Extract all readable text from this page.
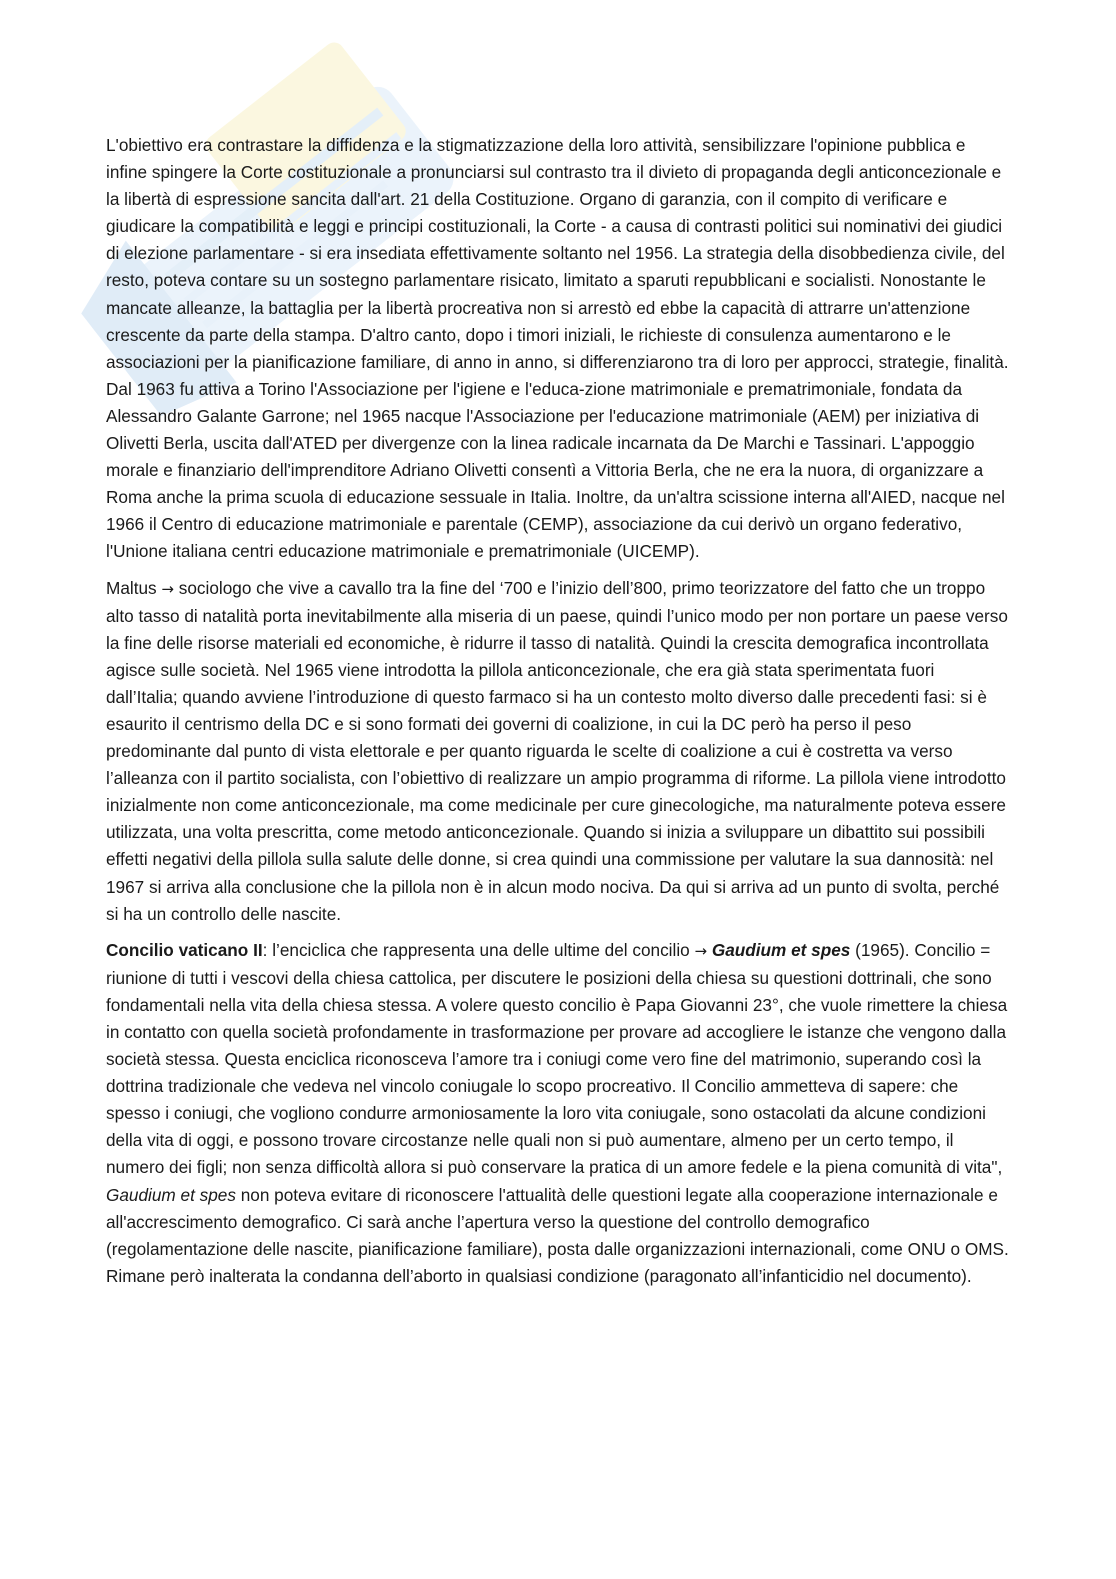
L'obiettivo era contrastare la diffidenza e la stigmatizzazione della loro attività, sensibilizzare l'opinione pubblica e infine spingere la Corte costituzionale a pronunciarsi sul contrasto tra il divieto di propaganda degli anticoncezionale e la libertà di espressione sancita dall'art. 21 della Costituzione. Organo di garanzia, con il compito di verificare e giudicare la compatibilità e leggi e principi costituzionali, la Corte - a causa di contrasti politici sui nominativi dei giudici di elezione parlamentare - si era insediata effettivamente soltanto nel 1956. La strategia della disobbedienza civile, del resto, poteva contare su un sostegno parlamentare risicato, limitato a sparuti repubblicani e socialisti. Nonostante le mancate alleanze, la battaglia per la libertà procreativa non si arrestò ed ebbe la capacità di attrarre un'attenzione crescente da parte della stampa. D'altro canto, dopo i timori iniziali, le richieste di consulenza aumentarono e le associazioni per la pianificazione familiare, di anno in anno, si differenziarono tra di loro per approcci, strategie, finalità. Dal 1963 fu attiva a Torino l'Associazione per l'igiene e l'educa-zione matrimoniale e prematrimoniale, fondata da Alessandro Galante Garrone; nel 1965 nacque l'Associazione per l'educazione matrimoniale (AEM) per iniziativa di Olivetti Berla, uscita dall'ATED per divergenze con la linea radicale incarnata da De Marchi e Tassinari. L'appoggio morale e finanziario dell'imprenditore Adriano Olivetti consentì a Vittoria Berla, che ne era la nuora, di organizzare a Roma anche la prima scuola di educazione sessuale in Italia. Inoltre, da un'altra scissione interna all'AIED, nacque nel 1966 il Centro di educazione matrimoniale e parentale (CEMP), associazione da cui derivò un organo federativo, l'Unione italiana centri educazione matrimoniale e prematrimoniale (UICEMP).

Maltus → sociologo che vive a cavallo tra la fine del ‘700 e l’inizio dell’800, primo teorizzatore del fatto che un troppo alto tasso di natalità porta inevitabilmente alla miseria di un paese, quindi l’unico modo per non portare un paese verso la fine delle risorse materiali ed economiche, è ridurre il tasso di natalità. Quindi la crescita demografica incontrollata agisce sulle società. Nel 1965 viene introdotta la pillola anticoncezionale, che era già stata sperimentata fuori dall’Italia; quando avviene l’introduzione di questo farmaco si ha un contesto molto diverso dalle precedenti fasi: si è esaurito il centrismo della DC e si sono formati dei governi di coalizione, in cui la DC però ha perso il peso predominante dal punto di vista elettorale e per quanto riguarda le scelte di coalizione a cui è costretta va verso l’alleanza con il partito socialista, con l’obiettivo di realizzare un ampio programma di riforme. La pillola viene introdotto inizialmente non come anticoncezionale, ma come medicinale per cure ginecologiche, ma naturalmente poteva essere utilizzata, una volta prescritta, come metodo anticoncezionale. Quando si inizia a sviluppare un dibattito sui possibili effetti negativi della pillola sulla salute delle donne, si crea quindi una commissione per valutare la sua dannosità: nel 1967 si arriva alla conclusione che la pillola non è in alcun modo nociva. Da qui si arriva ad un punto di svolta, perché si ha un controllo delle nascite.

Concilio vaticano II: l’enciclica che rappresenta una delle ultime del concilio → Gaudium et spes (1965). Concilio = riunione di tutti i vescovi della chiesa cattolica, per discutere le posizioni della chiesa su questioni dottrinali, che sono fondamentali nella vita della chiesa stessa. A volere questo concilio è Papa Giovanni 23°, che vuole rimettere la chiesa in contatto con quella società profondamente in trasformazione per provare ad accogliere le istanze che vengono dalla società stessa. Questa enciclica riconosceva l’amore tra i coniugi come vero fine del matrimonio, superando così la dottrina tradizionale che vedeva nel vincolo coniugale lo scopo procreativo. Il Concilio ammetteva di sapere: che spesso i coniugi, che vogliono condurre armoniosamente la loro vita coniugale, sono ostacolati da alcune condizioni della vita di oggi, e possono trovare circostanze nelle quali non si può aumentare, almeno per un certo tempo, il numero dei figli; non senza difficoltà allora si può conservare la pratica di un amore fedele e la piena comunità di vita", Gaudium et spes non poteva evitare di riconoscere l'attualità delle questioni legate alla cooperazione internazionale e all'accrescimento demografico. Ci sarà anche l’apertura verso la questione del controllo demografico (regolamentazione delle nascite, pianificazione familiare), posta dalle organizzazioni internazionali, come ONU o OMS. Rimane però inalterata la condanna dell’aborto in qualsiasi condizione (paragonato all’infanticidio nel documento).
